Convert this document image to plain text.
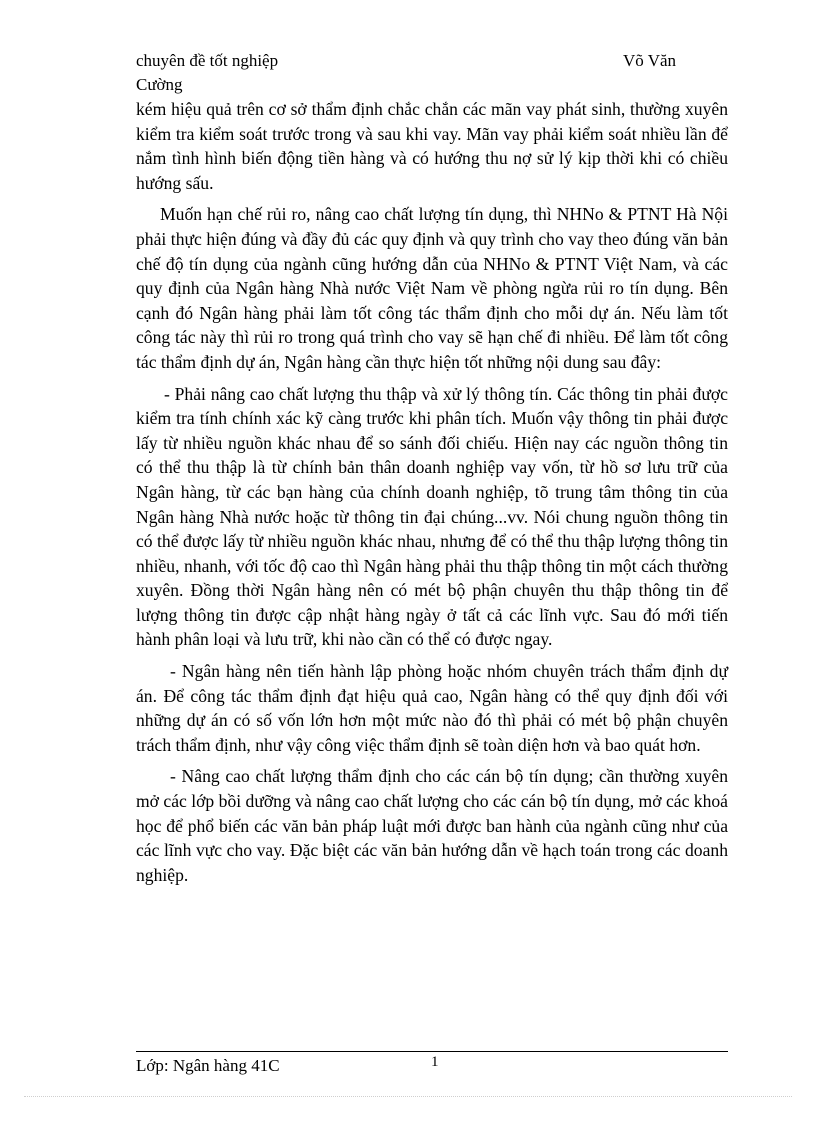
chuyên đề tốt nghiệp	Võ Văn
Cường

kém hiệu quả trên cơ sở thẩm định chắc chắn các mãn vay phát sinh, thường xuyên kiểm tra kiểm soát trước trong và sau khi vay. Mãn vay phải kiểm soát nhiều lần để nắm tình hình biến động tiền hàng và có hướng thu nợ sử lý kịp thời khi có chiều hướng sấu.

Muốn hạn chế rủi ro, nâng cao chất lượng tín dụng, thì NHNo & PTNT Hà Nội phải thực hiện đúng và đầy đủ các quy định và quy trình cho vay theo đúng văn bản chế độ tín dụng của ngành cũng hướng dẫn của NHNo & PTNT Việt Nam, và các quy định của Ngân hàng Nhà nước Việt Nam về phòng ngừa rủi ro tín dụng. Bên cạnh đó Ngân hàng phải làm tốt công tác thẩm định cho mỗi dự án. Nếu làm tốt công tác này thì rủi ro trong quá trình cho vay sẽ hạn chế đi nhiều. Để làm tốt công tác thẩm định dự án, Ngân hàng cần thực hiện tốt những nội dung sau đây:

- Phải nâng cao chất lượng thu thập và xử lý thông tín. Các thông tin phải được kiểm tra tính chính xác kỹ càng trước khi phân tích. Muốn vậy thông tin phải được lấy từ nhiều nguồn khác nhau để so sánh đối chiếu. Hiện nay các nguồn thông tin có thể thu thập là từ chính bản thân doanh nghiệp vay vốn, từ hồ sơ lưu trữ của Ngân hàng, từ các bạn hàng của chính doanh nghiệp, tõ trung tâm thông tin của Ngân hàng Nhà nước hoặc từ thông tin đại chúng...vv. Nói chung nguồn thông tin có thể được lấy từ nhiều nguồn khác nhau, nhưng để có thể thu thập lượng thông tin nhiều, nhanh, với tốc độ cao thì Ngân hàng phải thu thập thông tin một cách thường xuyên. Đồng thời Ngân hàng nên có mét bộ phận chuyên thu thập thông tin để lượng thông tin được cập nhật hàng ngày ở tất cả các lĩnh vực. Sau đó mới tiến hành phân loại và lưu trữ, khi nào cần có thể có được ngay.

- Ngân hàng nên tiến hành lập phòng hoặc nhóm chuyên trách thẩm định dự án. Để công tác thẩm định đạt hiệu quả cao, Ngân hàng có thể quy định đối với những dự án có số vốn lớn hơn một mức nào đó thì phải có mét bộ phận chuyên trách thẩm định, như vậy công việc thẩm định sẽ toàn diện hơn và bao quát hơn.

- Nâng cao chất lượng thẩm định cho các cán bộ tín dụng; cần thường xuyên mở các lớp bồi dưỡng và nâng cao chất lượng cho các cán bộ tín dụng, mở các khoá học để phổ biến các văn bản pháp luật mới được ban hành của ngành cũng như của các lĩnh vực cho vay. Đặc biệt các văn bản hướng dẫn về hạch toán trong các doanh nghiệp.

Lớp: Ngân hàng 41C	1
